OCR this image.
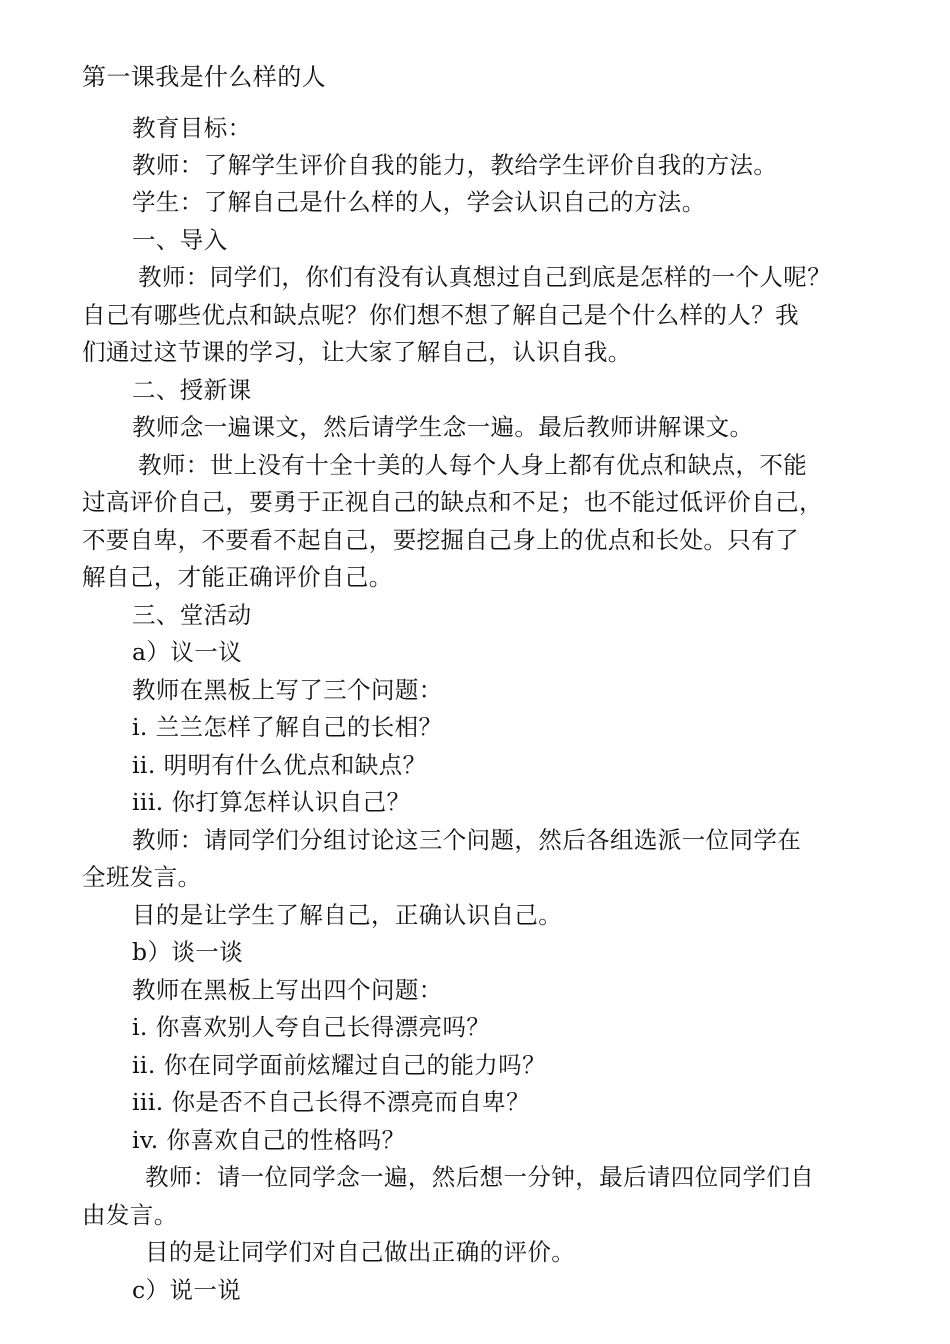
第一课我是什么样的人
教育目标：
教师：了解学生评价自我的能力，教给学生评价自我的方法。
学生：了解自己是什么样的人，学会认识自己的方法。
一、导入
教师：同学们，你们有没有认真想过自己到底是怎样的一个人呢？
自己有哪些优点和缺点呢？你们想不想了解自己是个什么样的人？我
们通过这节课的学习，让大家了解自己，认识自我。
二、授新课
教师念一遍课文，然后请学生念一遍。最后教师讲解课文。
教师：世上没有十全十美的人每个人身上都有优点和缺点，不能
过高评价自己，要勇于正视自己的缺点和不足；也不能过低评价自己，
不要自卑，不要看不起自己，要挖掘自己身上的优点和长处。只有了
解自己，才能正确评价自己。
三、堂活动
a）议一议
教师在黑板上写了三个问题：
i. 兰兰怎样了解自己的长相？
ii. 明明有什么优点和缺点？
iii. 你打算怎样认识自己？
教师：请同学们分组讨论这三个问题，然后各组选派一位同学在
全班发言。
目的是让学生了解自己，正确认识自己。
b）谈一谈
教师在黑板上写出四个问题：
i. 你喜欢别人夸自己长得漂亮吗？
ii. 你在同学面前炫耀过自己的能力吗？
iii. 你是否不自己长得不漂亮而自卑？
iv. 你喜欢自己的性格吗？
教师：请一位同学念一遍，然后想一分钟，最后请四位同学们自
由发言。
目的是让同学们对自己做出正确的评价。
c）说一说
